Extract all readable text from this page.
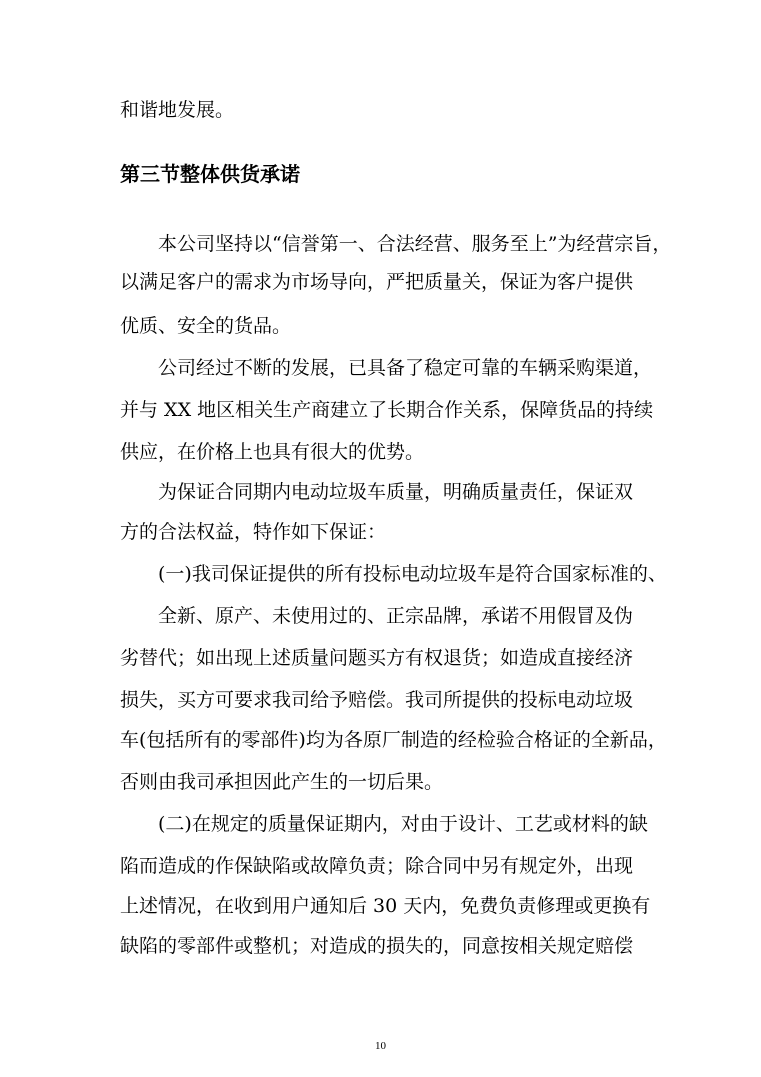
和谐地发展。
第三节整体供货承诺
本公司坚持以“信誉第一、合法经营、服务至上”为经营宗旨，
以满足客户的需求为市场导向，严把质量关，保证为客户提供
优质、安全的货品。
公司经过不断的发展，已具备了稳定可靠的车辆采购渠道，
并与 XX 地区相关生产商建立了长期合作关系，保障货品的持续
供应，在价格上也具有很大的优势。
为保证合同期内电动垃圾车质量，明确质量责任，保证双
方的合法权益，特作如下保证：
(一)我司保证提供的所有投标电动垃圾车是符合国家标准的、
全新、原产、未使用过的、正宗品牌，承诺不用假冒及伪
劣替代；如出现上述质量问题买方有权退货；如造成直接经济
损失，买方可要求我司给予赔偿。我司所提供的投标电动垃圾
车(包括所有的零部件)均为各原厂制造的经检验合格证的全新品，
否则由我司承担因此产生的一切后果。
(二)在规定的质量保证期内，对由于设计、工艺或材料的缺
陷而造成的作保缺陷或故障负责；除合同中另有规定外，出现
上述情况，在收到用户通知后 30 天内，免费负责修理或更换有
缺陷的零部件或整机；对造成的损失的，同意按相关规定赔偿
10
